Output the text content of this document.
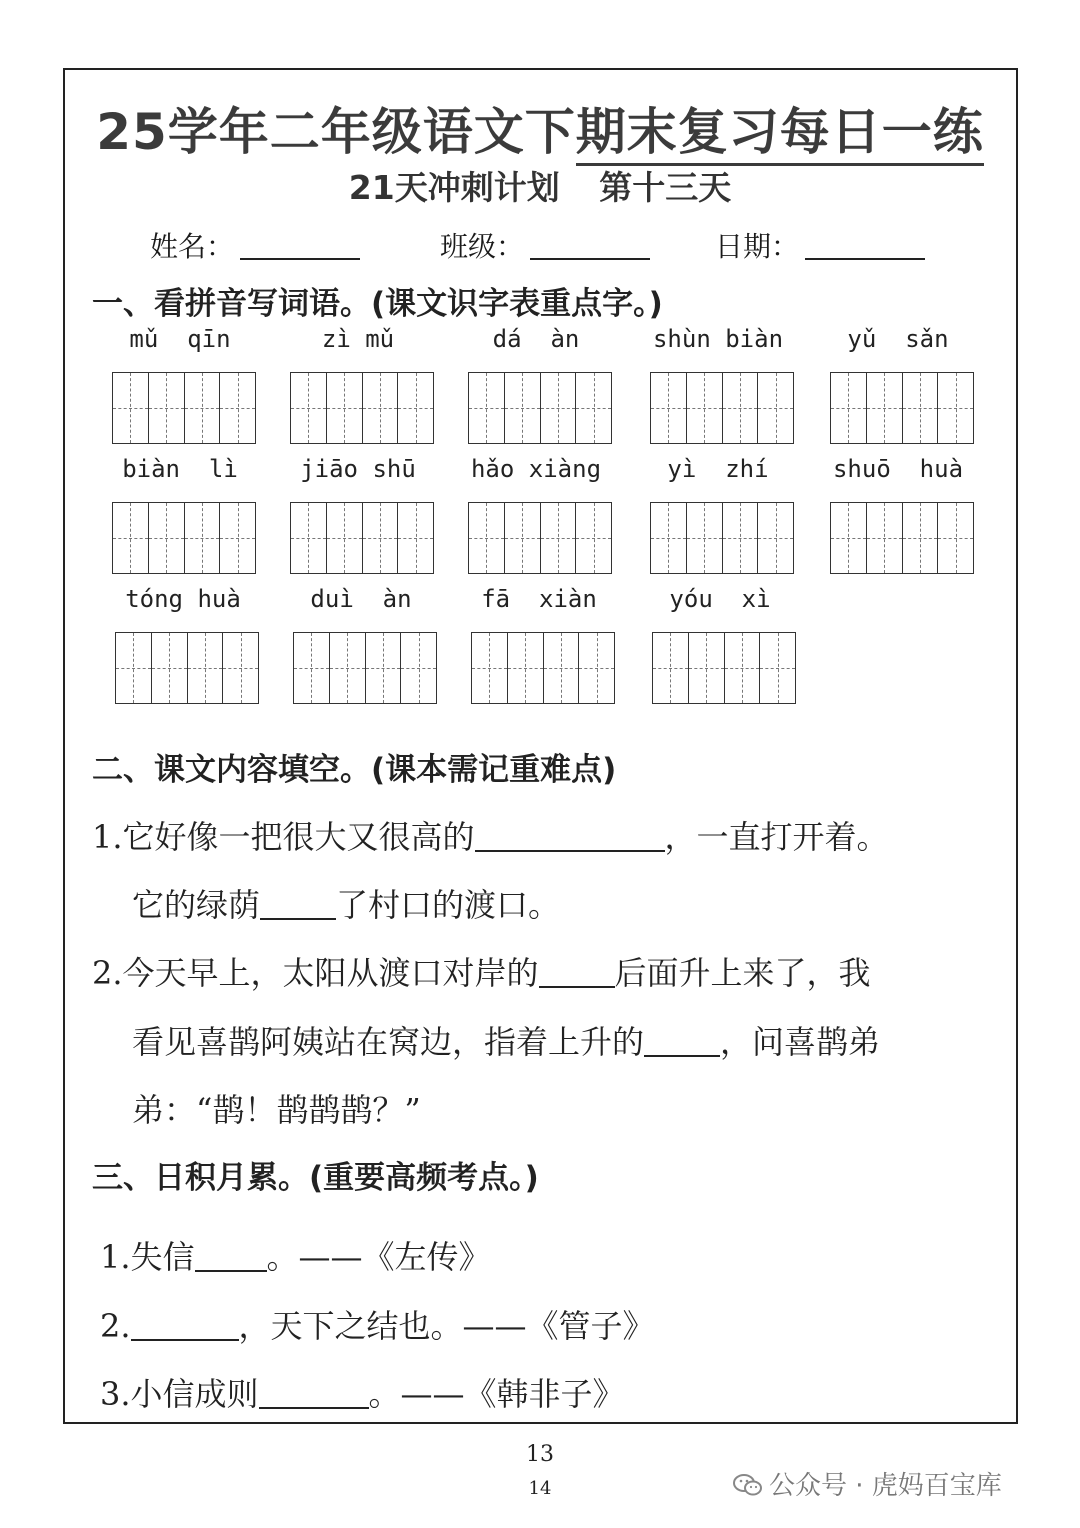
25学年二年级语文下期末复习每日一练
21天冲刺计划 第十三天
姓名：	班级：	日期：
一、看拼音写词语。(课文识字表重点字。)
mǔ  qīn	zì mǔ	dá  àn	shùn biàn	yǔ  sǎn
biàn  lì	jiāo shū	hǎo xiàng	yì  zhí	shuō  huà
tóng huà	duì  àn	fā  xiàn	yóu  xì
二、课文内容填空。(课本需记重难点)
1.它好像一把很大又很高的	，一直打开着。
它的绿荫 了村口的渡口。
2.今天早上，太阳从渡口对岸的 后面升上来了，我
看见喜鹊阿姨站在窝边，指着上升的 ，问喜鹊弟
弟：“鹊！鹊鹊鹊？”
三、日积月累。(重要高频考点。)
1.失信 。——《左传》
2.	，天下之结也。——《管子》
3.小信成则	。——《韩非子》
13
14	公众号 · 虎妈百宝库
